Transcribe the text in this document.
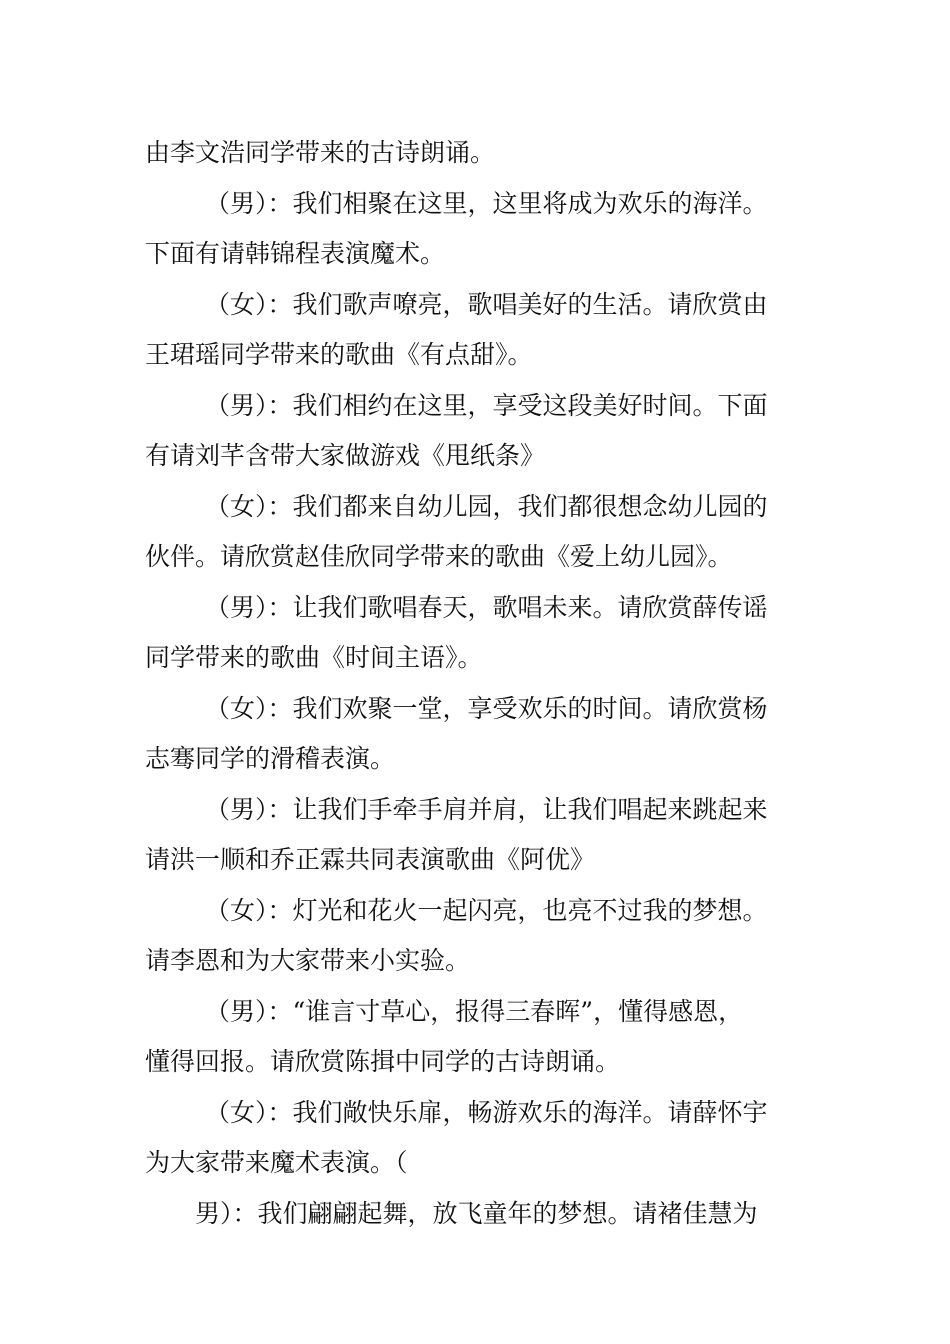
由李文浩同学带来的古诗朗诵。
（男）：我们相聚在这里，这里将成为欢乐的海洋。
下面有请韩锦程表演魔术。
（女）：我们歌声嘹亮，歌唱美好的生活。请欣赏由
王珺瑶同学带来的歌曲《有点甜》。
（男）：我们相约在这里，享受这段美好时间。下面
有请刘芊含带大家做游戏《甩纸条》
（女）：我们都来自幼儿园，我们都很想念幼儿园的
伙伴。请欣赏赵佳欣同学带来的歌曲《爱上幼儿园》。
（男）：让我们歌唱春天，歌唱未来。请欣赏薛传谣
同学带来的歌曲《时间主语》。
（女）：我们欢聚一堂，享受欢乐的时间。请欣赏杨
志骞同学的滑稽表演。
（男）：让我们手牵手肩并肩，让我们唱起来跳起来
请洪一顺和乔正霖共同表演歌曲《阿优》
（女）：灯光和花火一起闪亮，也亮不过我的梦想。
请李恩和为大家带来小实验。
（男）：“谁言寸草心，报得三春晖”，懂得感恩，
懂得回报。请欣赏陈揖中同学的古诗朗诵。
（女）：我们敞快乐扉，畅游欢乐的海洋。请薛怀宇
为大家带来魔术表演。（
男）：我们翩翩起舞，放飞童年的梦想。请褚佳慧为
